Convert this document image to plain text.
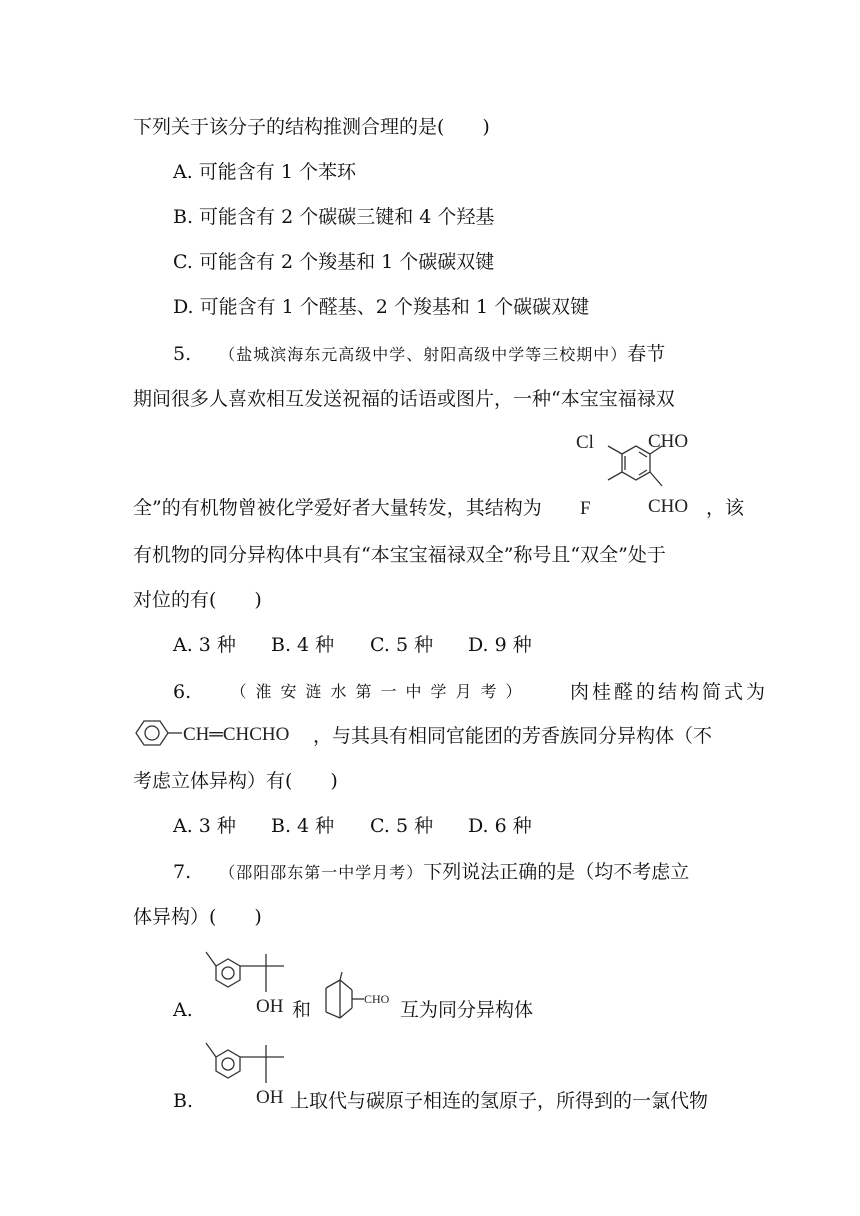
下列关于该分子的结构推测合理的是(　　)
A. 可能含有 1 个苯环
B. 可能含有 2 个碳碳三键和 4 个羟基
C. 可能含有 2 个羧基和 1 个碳碳双键
D. 可能含有 1 个醛基、2 个羧基和 1 个碳碳双键
5. （盐城滨海东元高级中学、射阳高级中学等三校期中）春节
期间很多人喜欢相互发送祝福的话语或图片，一种“本宝宝福禄双
全”的有机物曾被化学爱好者大量转发，其结构为
Cl
F
CHO
CHO ，该
有机物的同分异构体中具有“本宝宝福禄双全”称号且“双全”处于
对位的有(　　)
A. 3 种 B. 4 种 C. 5 种 D. 9 种
6. （淮安涟水第一中学月考） 肉桂醛的结构简式为
CH═CHCHO ，与其具有相同官能团的芳香族同分异构体（不
考虑立体异构）有(　　)
A. 3 种 B. 4 种 C. 5 种 D. 6 种
7. （邵阳邵东第一中学月考）下列说法正确的是（均不考虑立
体异构）(　　)
A.	OH 和	CHO 互为同分异构体
B.	OH 上取代与碳原子相连的氢原子，所得到的一氯代物
